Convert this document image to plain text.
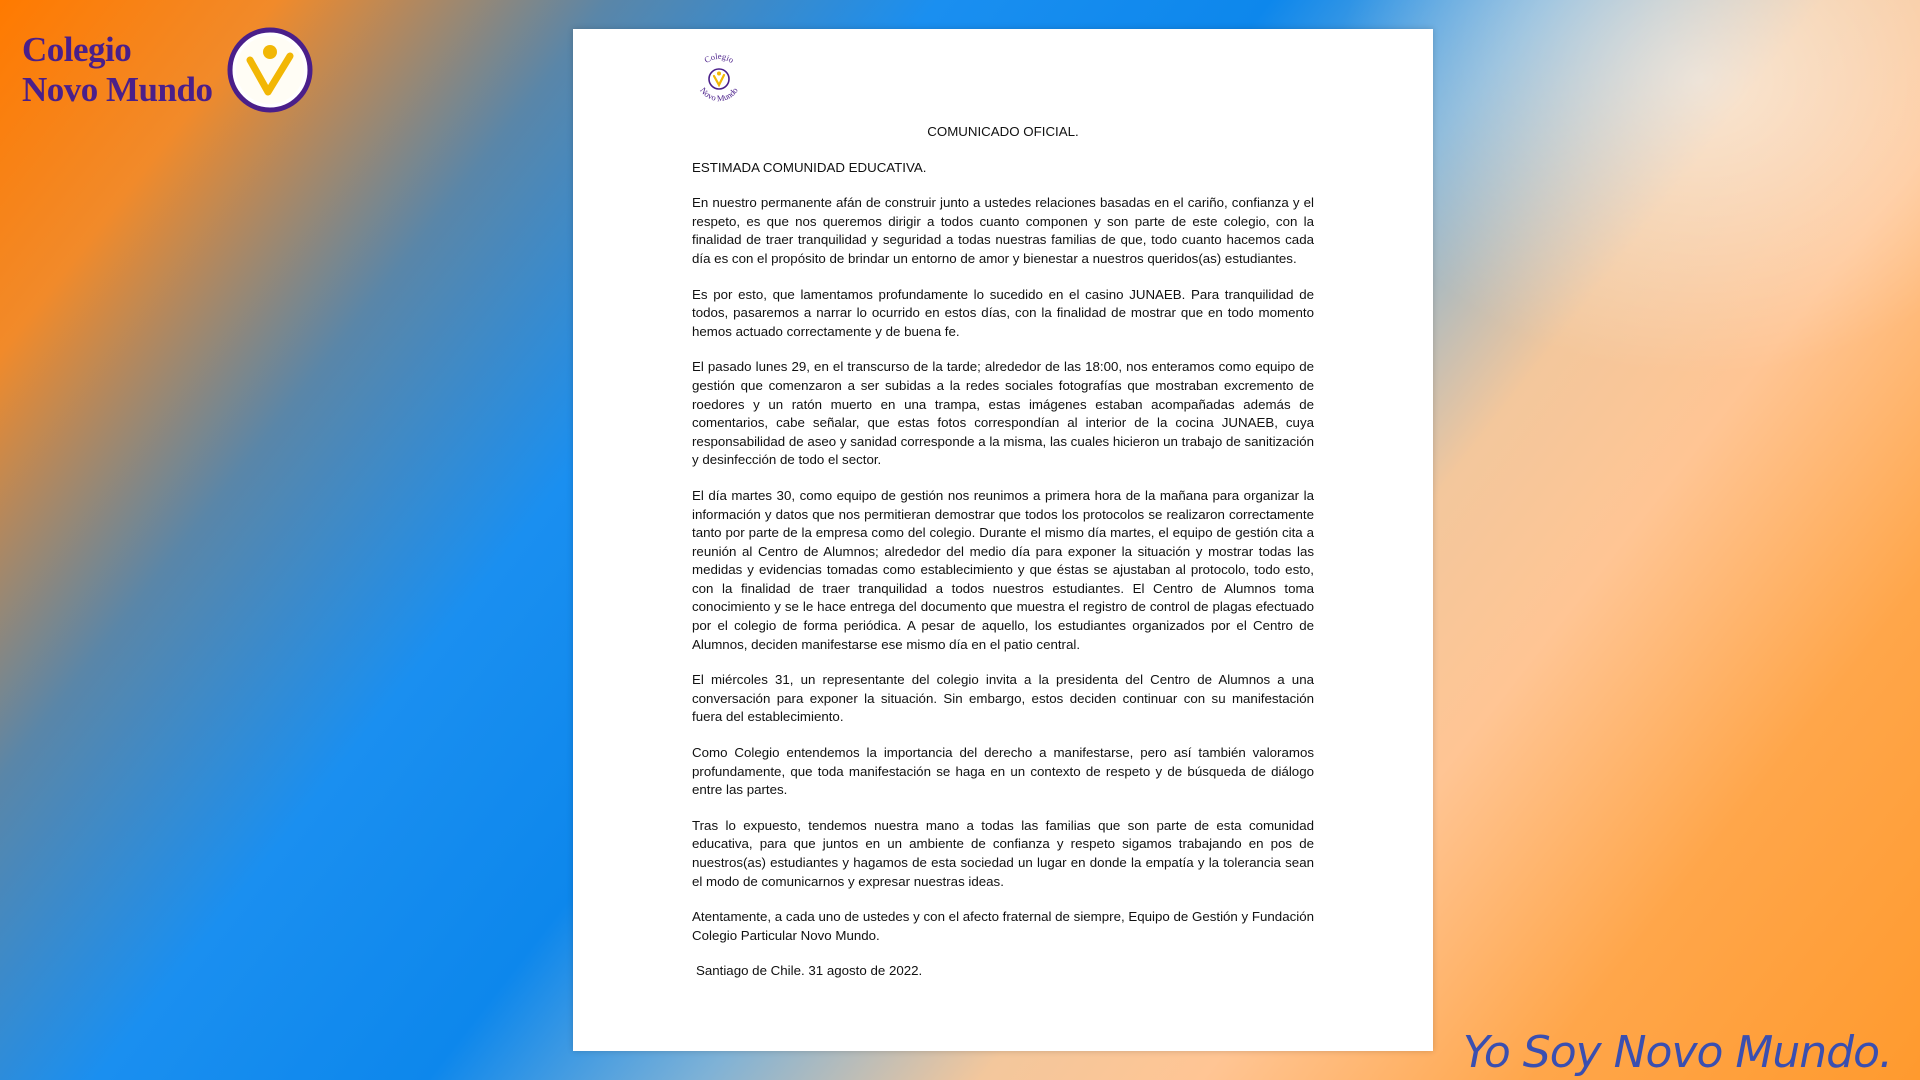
Colegio
Novo Mundo
Colegio
Novo Mundo

COMUNICADO OFICIAL.

ESTIMADA COMUNIDAD EDUCATIVA.

En nuestro permanente afán de construir junto a ustedes relaciones basadas en el cariño, confianza y el respeto, es que nos queremos dirigir a todos cuanto componen y son parte de este colegio, con la finalidad de traer tranquilidad y seguridad a todas nuestras familias de que, todo cuanto hacemos cada día es con el propósito de brindar un entorno de amor y bienestar a nuestros queridos(as) estudiantes.

Es por esto, que lamentamos profundamente lo sucedido en el casino JUNAEB. Para tranquilidad de todos, pasaremos a narrar lo ocurrido en estos días, con la finalidad de mostrar que en todo momento hemos actuado correctamente y de buena fe.

El pasado lunes 29, en el transcurso de la tarde; alrededor de las 18:00, nos enteramos como equipo de gestión que comenzaron a ser subidas a la redes sociales fotografías que mostraban excremento de roedores y un ratón muerto en una trampa, estas imágenes estaban acompañadas además de comentarios, cabe señalar, que estas fotos correspondían al interior de la cocina JUNAEB, cuya responsabilidad de aseo y sanidad corresponde a la misma, las cuales hicieron un trabajo de sanitización y desinfección de todo el sector.

El día martes 30, como equipo de gestión nos reunimos a primera hora de la mañana para organizar la información y datos que nos permitieran demostrar que todos los protocolos se realizaron correctamente tanto por parte de la empresa como del colegio. Durante el mismo día martes, el equipo de gestión cita a reunión al Centro de Alumnos; alrededor del medio día para exponer la situación y mostrar todas las medidas y evidencias tomadas como establecimiento y que éstas se ajustaban al protocolo, todo esto, con la finalidad de traer tranquilidad a todos nuestros estudiantes. El Centro de Alumnos toma conocimiento y se le hace entrega del documento que muestra el registro de control de plagas efectuado por el colegio de forma periódica. A pesar de aquello, los estudiantes organizados por el Centro de Alumnos, deciden manifestarse ese mismo día en el patio central.

El miércoles 31, un representante del colegio invita a la presidenta del Centro de Alumnos a una conversación para exponer la situación. Sin embargo, estos deciden continuar con su manifestación fuera del establecimiento.

Como Colegio entendemos la importancia del derecho a manifestarse, pero así también valoramos profundamente, que toda manifestación se haga en un contexto de respeto y de búsqueda de diálogo entre las partes.

Tras lo expuesto, tendemos nuestra mano a todas las familias que son parte de esta comunidad educativa, para que juntos en un ambiente de confianza y respeto sigamos trabajando en pos de nuestros(as) estudiantes y hagamos de esta sociedad un lugar en donde la empatía y la tolerancia sean el modo de comunicarnos y expresar nuestras ideas.

Atentamente, a cada uno de ustedes y con el afecto fraternal de siempre, Equipo de Gestión y Fundación Colegio Particular Novo Mundo.

Santiago de Chile. 31 agosto de 2022.

Yo Soy Novo Mundo.
